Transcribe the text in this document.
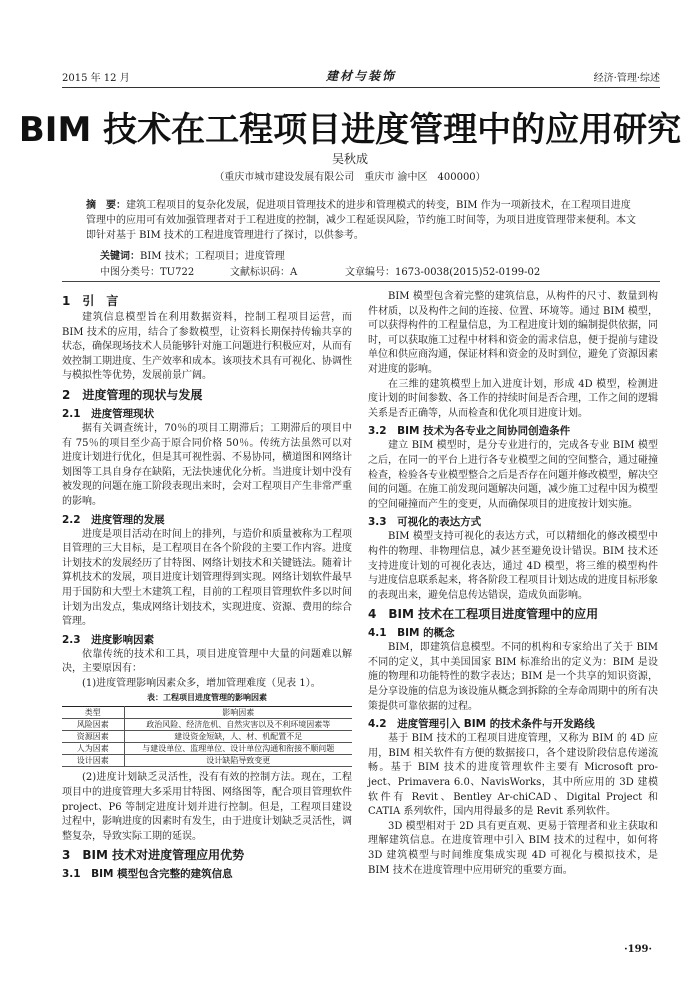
2015 年 12 月	建材与装饰	经济·管理·综述
BIM 技术在工程项目进度管理中的应用研究
吴秋成
（重庆市城市建设发展有限公司　重庆市 渝中区　400000）
摘　要：建筑工程项目的复杂化发展，促进项目管理技术的进步和管理模式的转变，BIM 作为一项新技术，在工程项目进度管理中的应用可有效加强管理者对于工程进度的控制，减少工程延误风险，节约施工时间等，为项目进度管理带来便利。本文即针对基于 BIM 技术的工程进度管理进行了探讨，以供参考。
关键词：BIM 技术；工程项目；进度管理
中图分类号：TU722	文献标识码：A	文章编号：1673-0038(2015)52-0199-02
1　引　言

建筑信息模型旨在利用数据资料，控制工程项目运营，而 BIM 技术的应用，结合了参数模型，让资料长期保持传输共享的状态，确保现场技术人员能够针对施工问题进行积极应对，从而有效控制工期进度、生产效率和成本。该项技术具有可视化、协调性与模拟性等优势，发展前景广阔。

2　进度管理的现状与发展
2.1　进度管理现状

据有关调查统计，70％的项目工期滞后；工期滞后的项目中有 75％的项目至少高于原合同价格 50％。传统方法虽然可以对进度计划进行优化，但是其可视性弱、不易协同，横道图和网络计划图等工具自身存在缺陷，无法快速优化分析。当进度计划中没有被发现的问题在施工阶段表现出来时，会对工程项目产生非常严重的影响。

2.2　进度管理的发展

进度是项目活动在时间上的排列，与造价和质量被称为工程项目管理的三大目标，是工程项目在各个阶段的主要工作内容。进度计划技术的发展经历了甘特图、网络计划技术和关键链法。随着计算机技术的发展，项目进度计划管理得到实现。网络计划软件最早用于国防和大型土木建筑工程，目前的工程项目管理软件多以时间计划为出发点，集成网络计划技术，实现进度、资源、费用的综合管理。

2.3　进度影响因素

依靠传统的技术和工具，项目进度管理中大量的问题难以解决，主要原因有：

(1)进度管理影响因素众多，增加管理难度（见表 1）。

表：工程项目进度管理的影响因素
类型	影响因素
风险因素	政治风险、经济危机、自然灾害以及不利环境因素等
资源因素	建设资金短缺，人、材、机配置不足
人为因素	与建设单位、监理单位、设计单位沟通和衔接不顺问题
设计因素	设计缺陷导致变更

(2)进度计划缺乏灵活性，没有有效的控制方法。现在，工程项目中的进度管理大多采用甘特图、网络图等，配合项目管理软件 project、P6 等制定进度计划并进行控制。但是，工程项目建设过程中，影响进度的因素时有发生，由于进度计划缺乏灵活性，调整复杂，导致实际工期的延误。

3　BIM 技术对进度管理应用优势
3.1　BIM 模型包含完整的建筑信息

BIM 模型包含着完整的建筑信息，从构件的尺寸、数量到构件材质，以及构件之间的连接、位置、环境等。通过 BIM 模型，可以获得构件的工程量信息，为工程进度计划的编制提供依据，同时，可以获取施工过程中材料和资金的需求信息，便于提前与建设单位和供应商沟通，保证材料和资金的及时到位，避免了资源因素对进度的影响。

在三维的建筑模型上加入进度计划，形成 4D 模型，检测进度计划的时间参数、各工作的持续时间是否合理，工作之间的逻辑关系是否正确等，从而检查和优化项目进度计划。

3.2　BIM 技术为各专业之间协同创造条件

建立 BIM 模型时，是分专业进行的，完成各专业 BIM 模型之后，在同一的平台上进行各专业模型之间的空间整合，通过碰撞检查，检验各专业模型整合之后是否存在问题并修改模型，解决空间的问题。在施工前发现问题解决问题，减少施工过程中因为模型的空间碰撞而产生的变更，从而确保项目的进度按计划实施。

3.3　可视化的表达方式

BIM 模型支持可视化的表达方式，可以精细化的修改模型中构件的物理、非物理信息，减少甚至避免设计错误。BIM 技术还支持进度计划的可视化表达，通过 4D 模型，将三维的模型构件与进度信息联系起来，将各阶段工程项目计划达成的进度目标形象的表现出来，避免信息传达错误，造成负面影响。

4　BIM 技术在工程项目进度管理中的应用
4.1　BIM 的概念

BIM，即建筑信息模型。不同的机构和专家给出了关于 BIM 不同的定义，其中美国国家 BIM 标准给出的定义为：BIM 是设施的物理和功能特性的数字表达；BIM 是一个共享的知识资源，是分享设施的信息为该设施从概念到拆除的全寿命周期中的所有决策提供可靠依据的过程。

4.2　进度管理引入 BIM 的技术条件与开发路线

基于 BIM 技术的工程项目进度管理，又称为 BIM 的 4D 应用，BIM 相关软件有方便的数据接口，各个建设阶段信息传递流畅。基于 BIM 技术的进度管理软件主要有 Microsoft pro-ject、Primavera 6.0、NavisWorks，其中所应用的 3D 建模软件有 Revit、Bentley Ar-chiCAD、Digital Project 和 CATIA 系列软件，国内用得最多的是 Revit 系列软件。

3D 模型相对于 2D 具有更直观、更易于管理者和业主获取和理解建筑信息。在进度管理中引入 BIM 技术的过程中，如何将 3D 建筑模型与时间维度集成实现 4D 可视化与模拟技术，是 BIM 技术在进度管理中应用研究的重要方面。

·199·
